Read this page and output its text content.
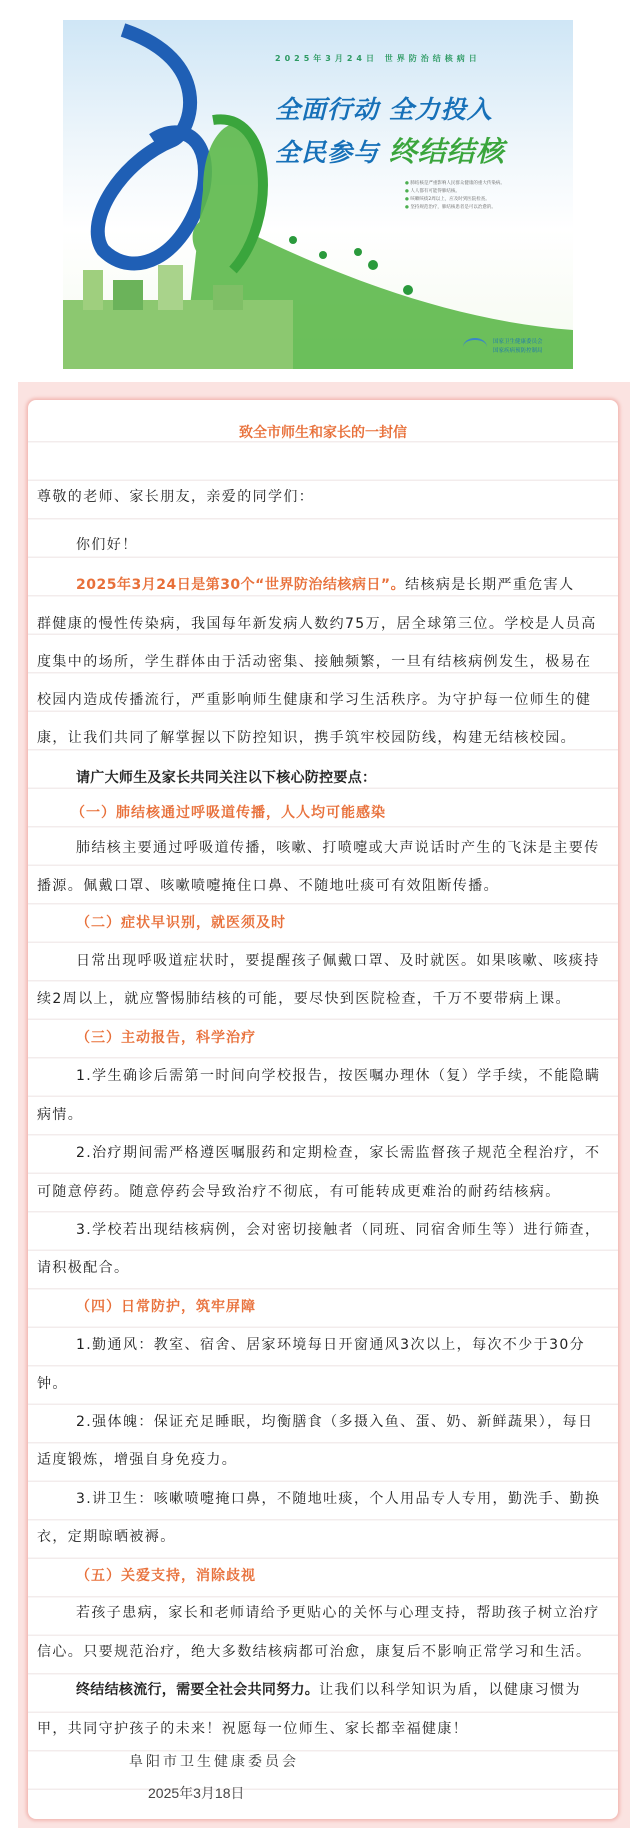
2025年3月24日 世界防治结核病日
全面行动 全力投入
全民参与 终结结核
● 肺结核是严重影响人民群众健康的重大传染病。
● 人人都有可能得肺结核。
● 咳嗽咳痰2周以上，应及时到医院检查。
● 坚持规范治疗，肺结核患者是可以治愈的。
国家卫生健康委员会
国家疾病预防控制局
致全市师生和家长的一封信
尊敬的老师、家长朋友，亲爱的同学们：
你们好！
2025年3月24日是第30个“世界防治结核病日”。结核病是长期严重危害人
群健康的慢性传染病，我国每年新发病人数约75万，居全球第三位。学校是人员高
度集中的场所，学生群体由于活动密集、接触频繁，一旦有结核病例发生，极易在
校园内造成传播流行，严重影响师生健康和学习生活秩序。为守护每一位师生的健
康，让我们共同了解掌握以下防控知识，携手筑牢校园防线，构建无结核校园。
请广大师生及家长共同关注以下核心防控要点：
（一）肺结核通过呼吸道传播，人人均可能感染
肺结核主要通过呼吸道传播，咳嗽、打喷嚏或大声说话时产生的飞沫是主要传
播源。佩戴口罩、咳嗽喷嚏掩住口鼻、不随地吐痰可有效阻断传播。
（二）症状早识别，就医须及时
日常出现呼吸道症状时，要提醒孩子佩戴口罩、及时就医。如果咳嗽、咳痰持
续2周以上，就应警惕肺结核的可能，要尽快到医院检查，千万不要带病上课。
（三）主动报告，科学治疗
1.学生确诊后需第一时间向学校报告，按医嘱办理休（复）学手续，不能隐瞒
病情。
2.治疗期间需严格遵医嘱服药和定期检查，家长需监督孩子规范全程治疗，不
可随意停药。随意停药会导致治疗不彻底，有可能转成更难治的耐药结核病。
3.学校若出现结核病例，会对密切接触者（同班、同宿舍师生等）进行筛查，
请积极配合。
（四）日常防护，筑牢屏障
1.勤通风：教室、宿舍、居家环境每日开窗通风3次以上，每次不少于30分
钟。
2.强体魄：保证充足睡眠，均衡膳食（多摄入鱼、蛋、奶、新鲜蔬果），每日
适度锻炼，增强自身免疫力。
3.讲卫生：咳嗽喷嚏掩口鼻，不随地吐痰，个人用品专人专用，勤洗手、勤换
衣，定期晾晒被褥。
（五）关爱支持，消除歧视
若孩子患病，家长和老师请给予更贴心的关怀与心理支持，帮助孩子树立治疗
信心。只要规范治疗，绝大多数结核病都可治愈，康复后不影响正常学习和生活。
终结结核流行，需要全社会共同努力。让我们以科学知识为盾，以健康习惯为
甲，共同守护孩子的未来！祝愿每一位师生、家长都幸福健康！
阜阳市卫生健康委员会
2025年3月18日
